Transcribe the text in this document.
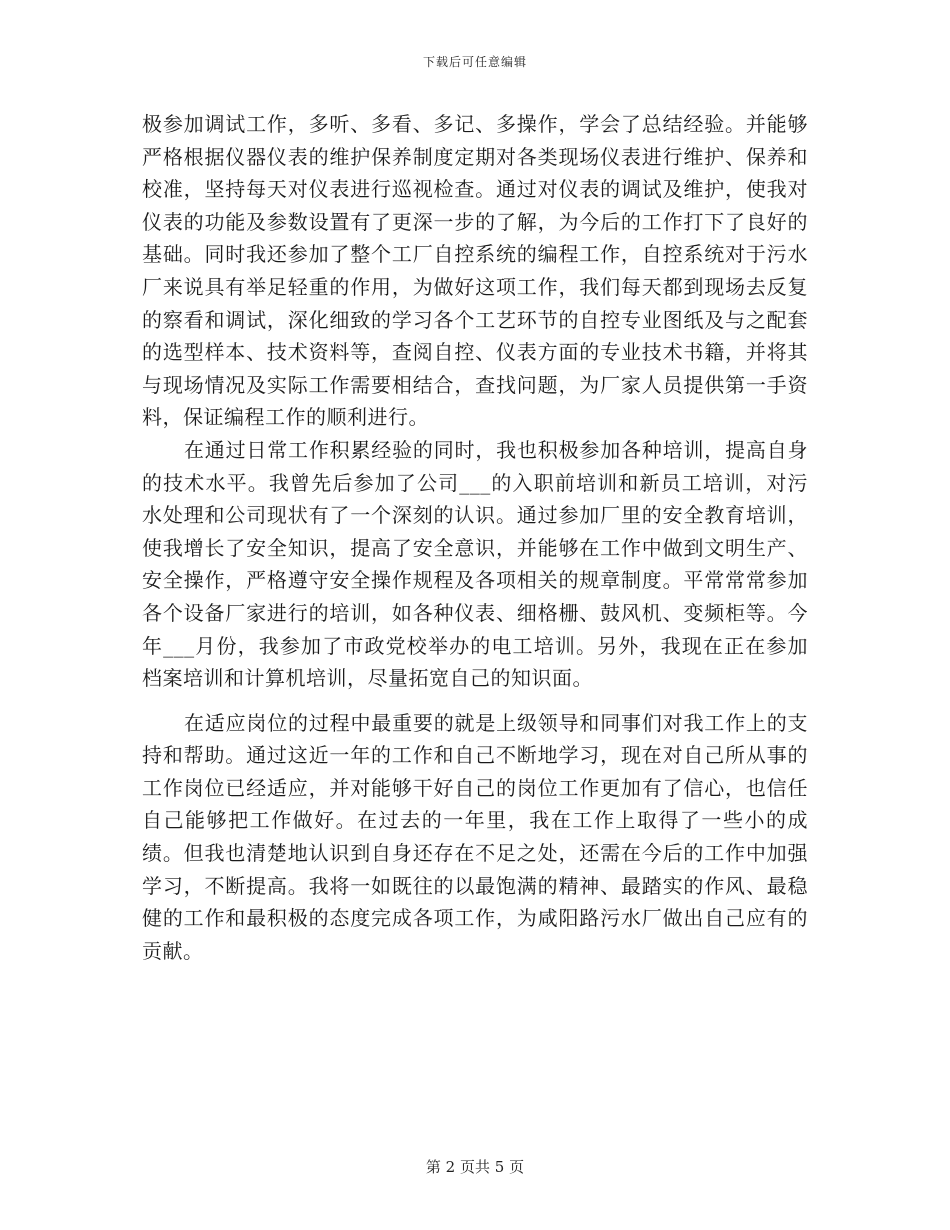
下载后可任意编辑

极参加调试工作，多听、多看、多记、多操作，学会了总结经验。并能够严格根据仪器仪表的维护保养制度定期对各类现场仪表进行维护、保养和校准，坚持每天对仪表进行巡视检查。通过对仪表的调试及维护，使我对仪表的功能及参数设置有了更深一步的了解，为今后的工作打下了良好的基础。同时我还参加了整个工厂自控系统的编程工作，自控系统对于污水厂来说具有举足轻重的作用，为做好这项工作，我们每天都到现场去反复的察看和调试，深化细致的学习各个工艺环节的自控专业图纸及与之配套的选型样本、技术资料等，查阅自控、仪表方面的专业技术书籍，并将其与现场情况及实际工作需要相结合，查找问题，为厂家人员提供第一手资料，保证编程工作的顺利进行。

在通过日常工作积累经验的同时，我也积极参加各种培训，提高自身的技术水平。我曾先后参加了公司___的入职前培训和新员工培训，对污水处理和公司现状有了一个深刻的认识。通过参加厂里的安全教育培训，使我增长了安全知识，提高了安全意识，并能够在工作中做到文明生产、安全操作，严格遵守安全操作规程及各项相关的规章制度。平常常常参加各个设备厂家进行的培训，如各种仪表、细格栅、鼓风机、变频柜等。今年___月份，我参加了市政党校举办的电工培训。另外，我现在正在参加档案培训和计算机培训，尽量拓宽自己的知识面。

在适应岗位的过程中最重要的就是上级领导和同事们对我工作上的支持和帮助。通过这近一年的工作和自己不断地学习，现在对自己所从事的工作岗位已经适应，并对能够干好自己的岗位工作更加有了信心，也信任自己能够把工作做好。在过去的一年里，我在工作上取得了一些小的成绩。但我也清楚地认识到自身还存在不足之处，还需在今后的工作中加强学习，不断提高。我将一如既往的以最饱满的精神、最踏实的作风、最稳健的工作和最积极的态度完成各项工作，为咸阳路污水厂做出自己应有的贡献。

第 2 页共 5 页
